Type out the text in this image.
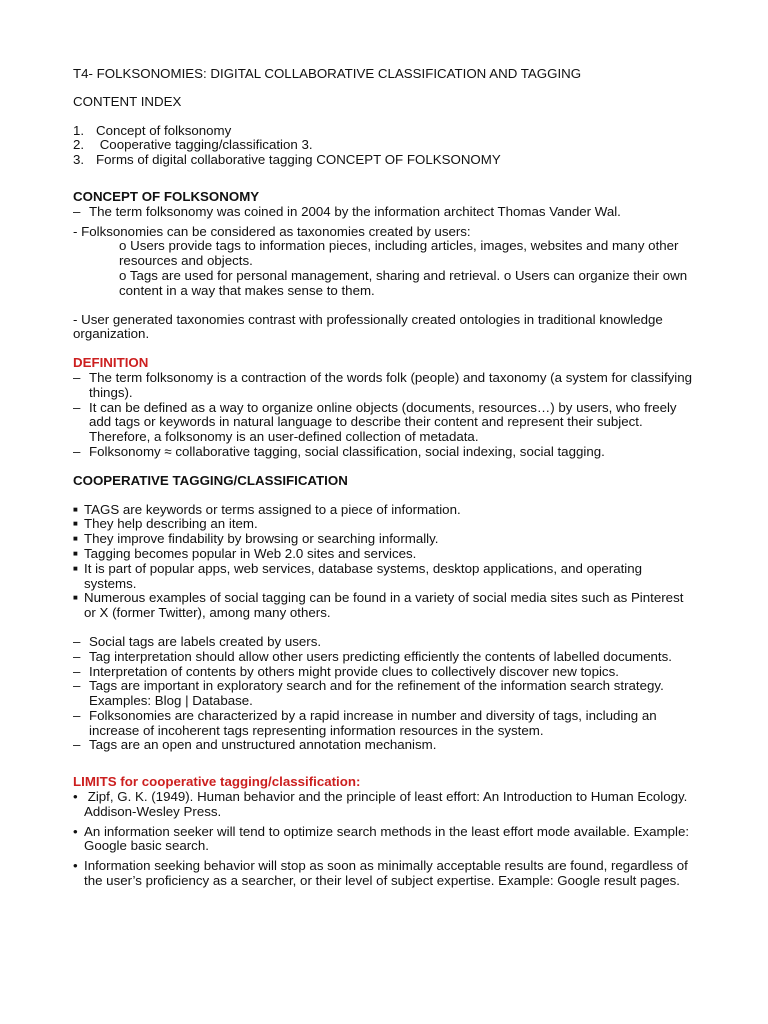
T4- FOLKSONOMIES: DIGITAL COLLABORATIVE CLASSIFICATION AND TAGGING

CONTENT INDEX

1. Concept of folksonomy
2. Cooperative tagging/classification 3.
3. Forms of digital collaborative tagging CONCEPT OF FOLKSONOMY

CONCEPT OF FOLKSONOMY

– The term folksonomy was coined in 2004 by the information architect Thomas Vander Wal.

- Folksonomies can be considered as taxonomies created by users:

o Users provide tags to information pieces, including articles, images, websites and many other resources and objects.

o Tags are used for personal management, sharing and retrieval. o Users can organize their own content in a way that makes sense to them.

- User generated taxonomies contrast with professionally created ontologies in traditional knowledge organization.

DEFINITION

– The term folksonomy is a contraction of the words folk (people) and taxonomy (a system for classifying things).
– It can be defined as a way to organize online objects (documents, resources…) by users, who freely add tags or keywords in natural language to describe their content and represent their subject. Therefore, a folksonomy is an user-defined collection of metadata.
– Folksonomy ≈ collaborative tagging, social classification, social indexing, social tagging.

COOPERATIVE TAGGING/CLASSIFICATION

■ TAGS are keywords or terms assigned to a piece of information.
■ They help describing an item.
■ They improve findability by browsing or searching informally.
■ Tagging becomes popular in Web 2.0 sites and services.
■ It is part of popular apps, web services, database systems, desktop applications, and operating systems.
■ Numerous examples of social tagging can be found in a variety of social media sites such as Pinterest or X (former Twitter), among many others.
– Social tags are labels created by users.
– Tag interpretation should allow other users predicting efficiently the contents of labelled documents.
– Interpretation of contents by others might provide clues to collectively discover new topics.
– Tags are important in exploratory search and for the refinement of the information search strategy. Examples: Blog | Database.
– Folksonomies are characterized by a rapid increase in number and diversity of tags, including an increase of incoherent tags representing information resources in the system.
– Tags are an open and unstructured annotation mechanism.

LIMITS for cooperative tagging/classification:

• Zipf, G. K. (1949). Human behavior and the principle of least effort: An Introduction to Human Ecology. Addison-Wesley Press.
• An information seeker will tend to optimize search methods in the least effort mode available. Example: Google basic search.
• Information seeking behavior will stop as soon as minimally acceptable results are found, regardless of the user’s proficiency as a searcher, or their level of subject expertise. Example: Google result pages.
